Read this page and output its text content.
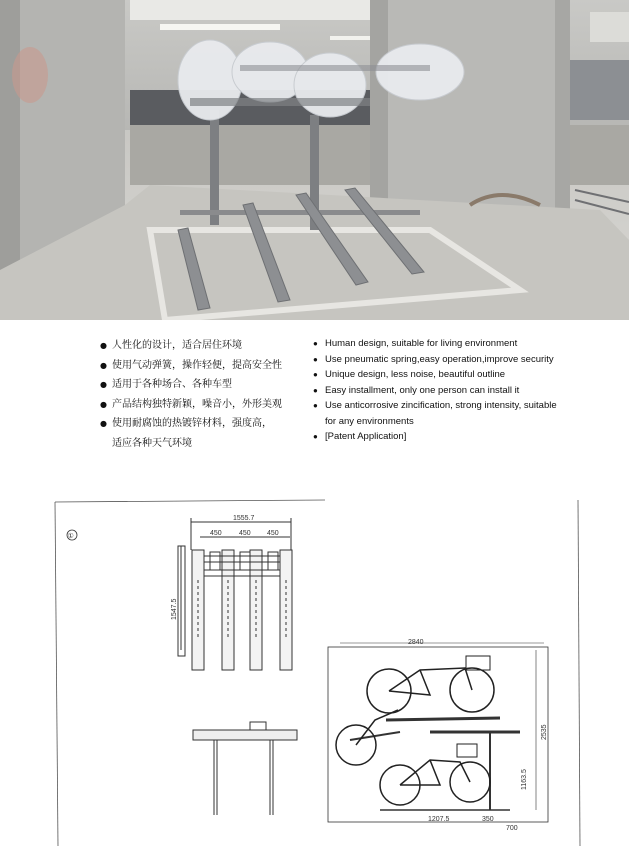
● 人性化的设计，适合居住环境
● 使用气动弹簧，操作轻便，提高安全性
● 适用于各种场合、各种车型
● 产品结构独特新颖，噪音小，外形美观
● 使用耐腐蚀的热镀锌材料，强度高，
适应各种天气环境
● Human design, suitable for living environment
● Use pneumatic spring,easy operation,improve security
● Unique design, less noise, beautiful outline
● Easy installment, only one person can install it
● Use anticorrosive zincification, strong intensity, suitable
for any environments
● [Patent Application]
①
1555.7
450 450 450
1547.5
2840
2535
1163.5
1207.5	350
700
